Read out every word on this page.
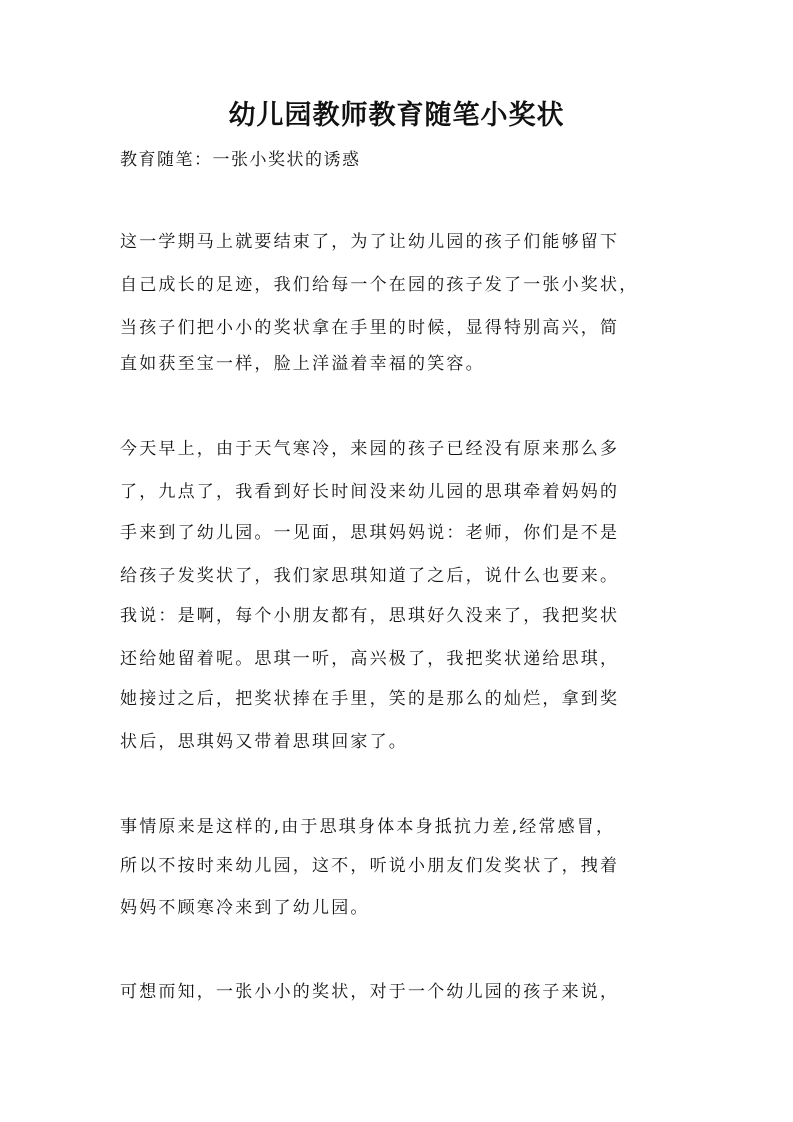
幼儿园教师教育随笔小奖状

教育随笔：一张小奖状的诱惑

这一学期马上就要结束了，为了让幼儿园的孩子们能够留下

自己成长的足迹，我们给每一个在园的孩子发了一张小奖状，

当孩子们把小小的奖状拿在手里的时候，显得特别高兴，简

直如获至宝一样，脸上洋溢着幸福的笑容。

今天早上，由于天气寒冷，来园的孩子已经没有原来那么多

了，九点了，我看到好长时间没来幼儿园的思琪牵着妈妈的

手来到了幼儿园。一见面，思琪妈妈说：老师，你们是不是

给孩子发奖状了，我们家思琪知道了之后，说什么也要来。

我说：是啊，每个小朋友都有，思琪好久没来了，我把奖状

还给她留着呢。思琪一听，高兴极了，我把奖状递给思琪，

她接过之后，把奖状捧在手里，笑的是那么的灿烂，拿到奖

状后，思琪妈又带着思琪回家了。

事情原来是这样的,由于思琪身体本身抵抗力差,经常感冒，

所以不按时来幼儿园，这不，听说小朋友们发奖状了，拽着

妈妈不顾寒冷来到了幼儿园。

可想而知，一张小小的奖状，对于一个幼儿园的孩子来说，
